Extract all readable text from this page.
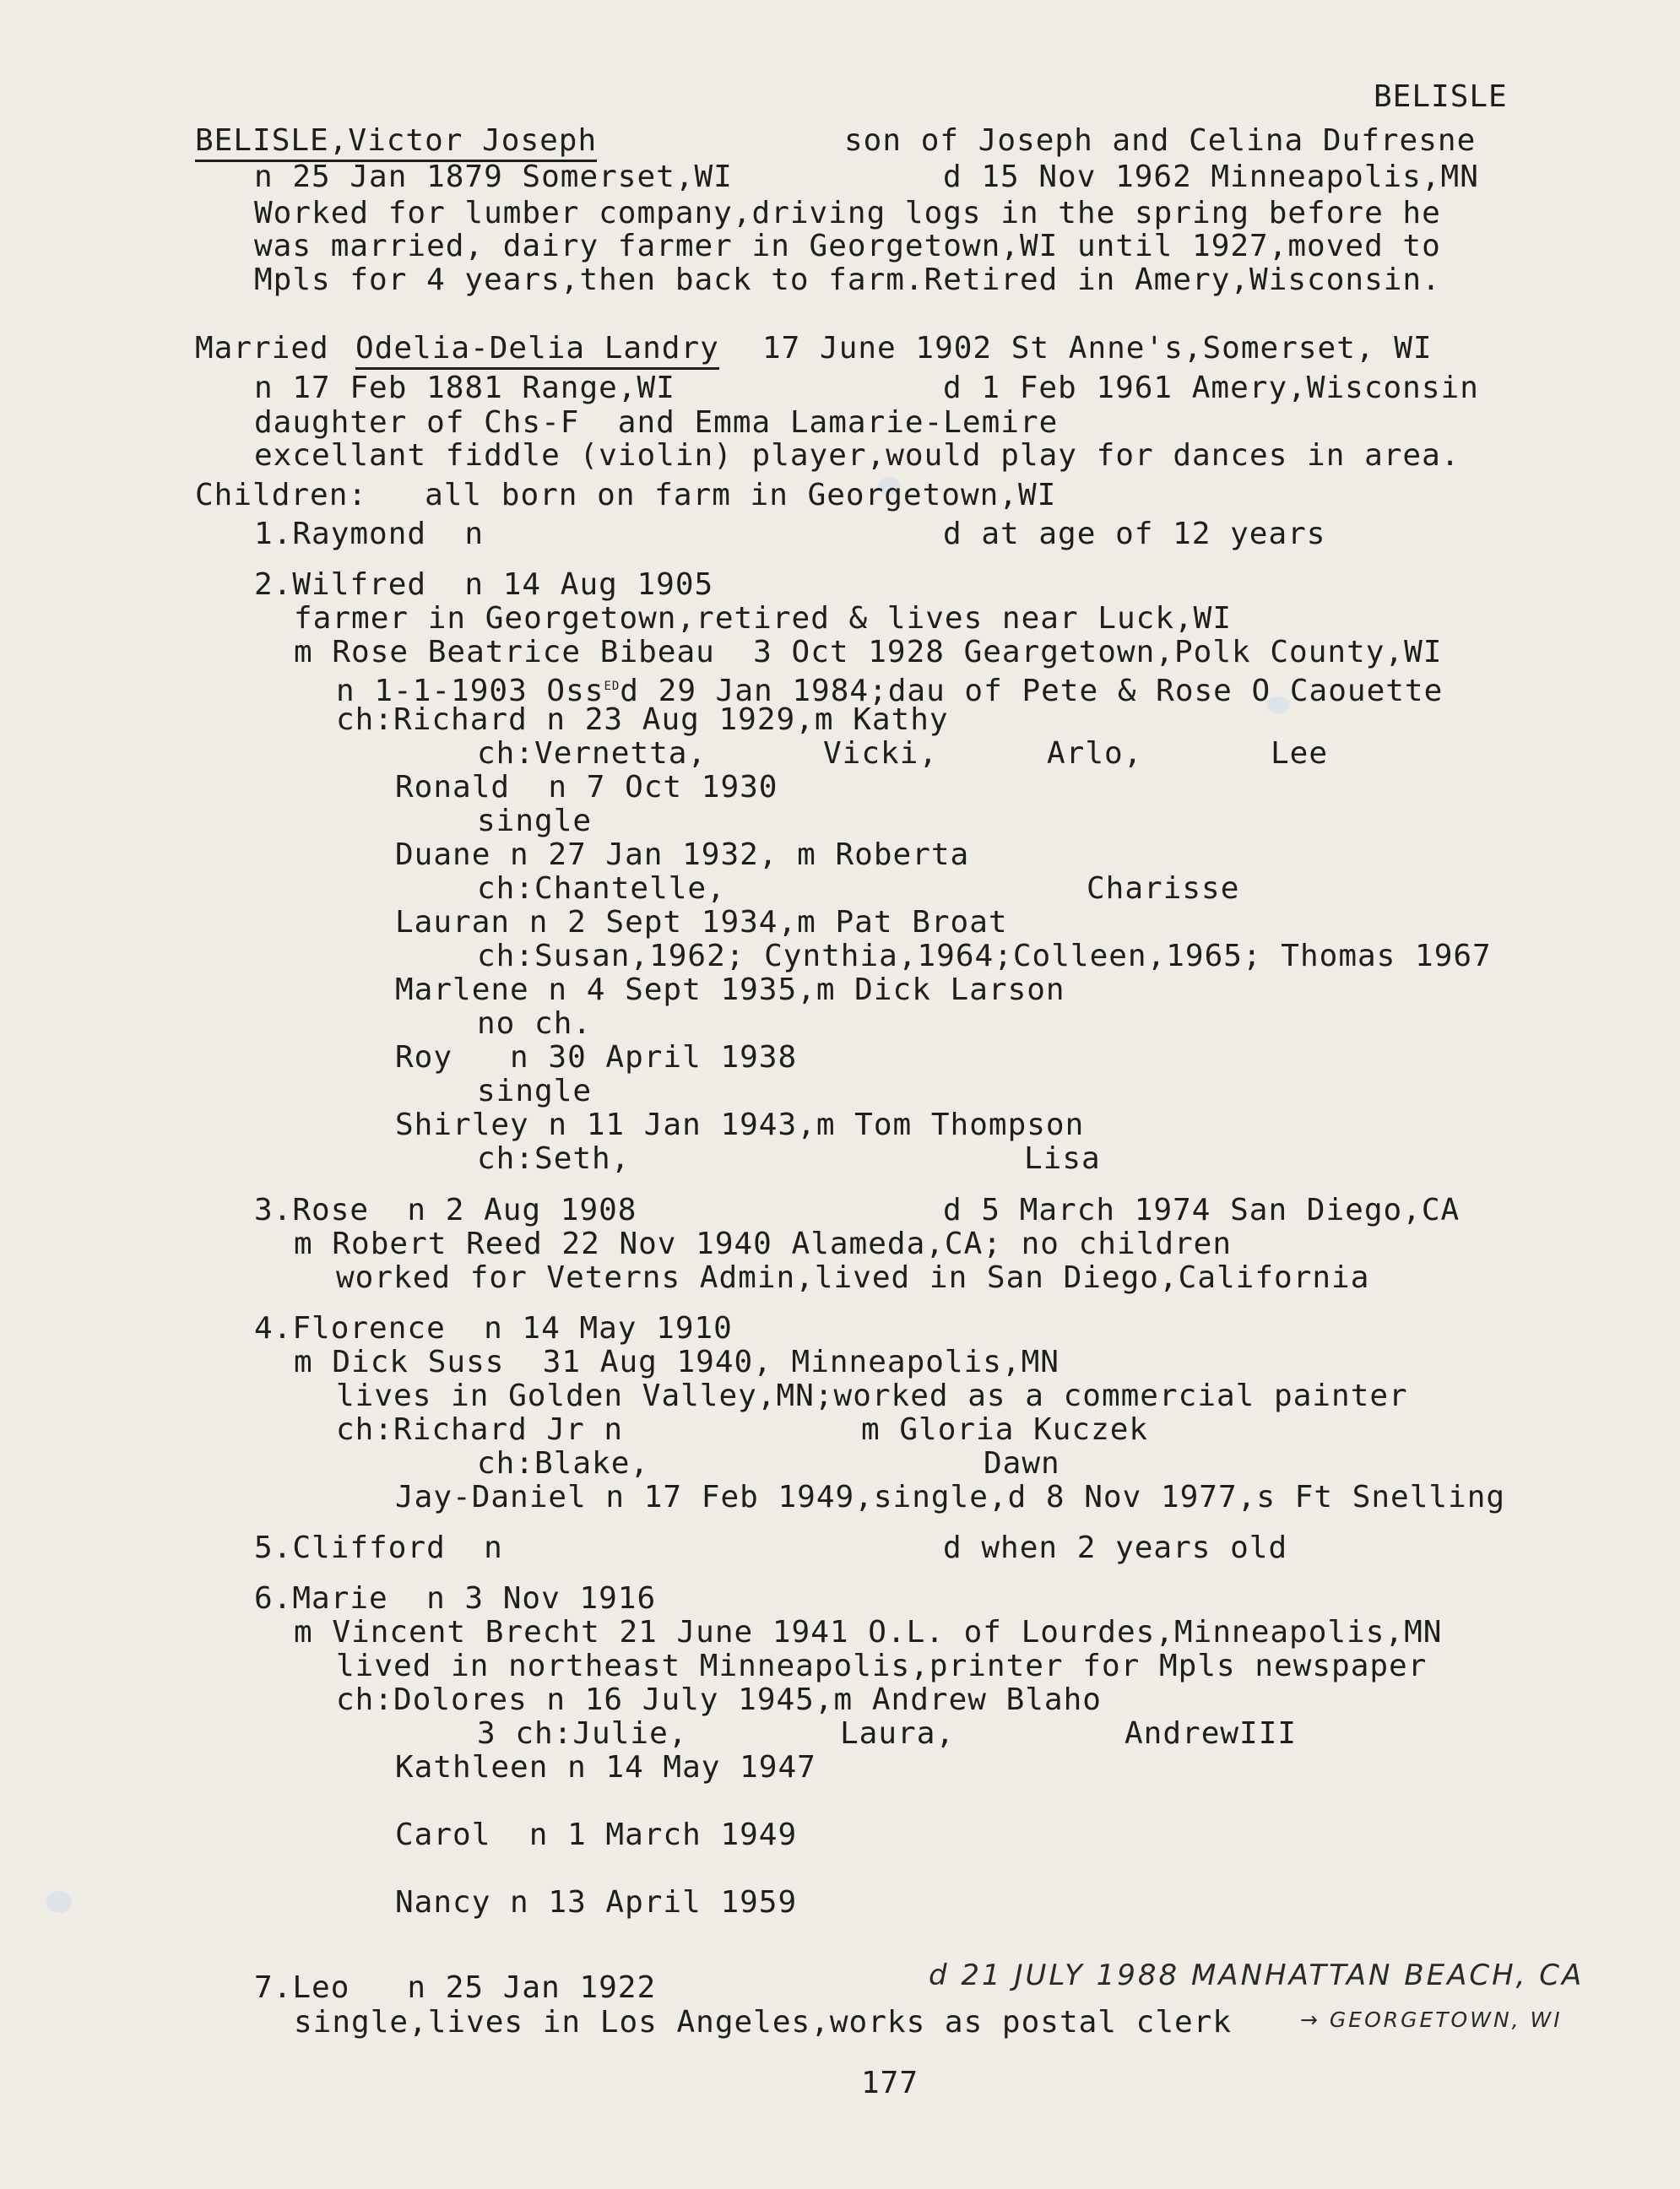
BELISLE
BELISLE,Victor Joseph	son of Joseph and Celina Dufresne
n 25 Jan 1879 Somerset,WI	d 15 Nov 1962 Minneapolis,MN
Worked for lumber company,driving logs in the spring before he
was married, dairy farmer in Georgetown,WI until 1927,moved to
Mpls for 4 years,then back to farm.Retired in Amery,Wisconsin.
Married Odelia-Delia Landry 17 June 1902 St Anne's,Somerset, WI
n 17 Feb 1881 Range,WI	d 1 Feb 1961 Amery,Wisconsin
daughter of Chs-F  and Emma Lamarie-Lemire
excellant fiddle (violin) player,would play for dances in area.
Children:   all born on farm in Georgetown,WI
1.Raymond  n	d at age of 12 years
2.Wilfred  n 14 Aug 1905
farmer in Georgetown,retired & lives near Luck,WI
m Rose Beatrice Bibeau  3 Oct 1928 Geargetown,Polk County,WI
n 1-1-1903 Oss$^{ED}$d 29 Jan 1984;dau of Pete & Rose O Caouette
ch:Richard n 23 Aug 1929,m Kathy
ch:Vernetta,	Vicki,	Arlo,	Lee
Ronald  n 7 Oct 1930
single
Duane n 27 Jan 1932, m Roberta
ch:Chantelle,	Charisse
Lauran n 2 Sept 1934,m Pat Broat
ch:Susan,1962; Cynthia,1964;Colleen,1965; Thomas 1967
Marlene n 4 Sept 1935,m Dick Larson
no ch.
Roy   n 30 April 1938
single
Shirley n 11 Jan 1943,m Tom Thompson
ch:Seth,	Lisa
3.Rose  n 2 Aug 1908	d 5 March 1974 San Diego,CA
m Robert Reed 22 Nov 1940 Alameda,CA; no children
worked for Veterns Admin,lived in San Diego,California
4.Florence  n 14 May 1910
m Dick Suss  31 Aug 1940, Minneapolis,MN
lives in Golden Valley,MN;worked as a commercial painter
ch:Richard Jr n	m Gloria Kuczek
ch:Blake,	Dawn
Jay-Daniel n 17 Feb 1949,single,d 8 Nov 1977,s Ft Snelling
5.Clifford  n	d when 2 years old
6.Marie  n 3 Nov 1916
m Vincent Brecht 21 June 1941 O.L. of Lourdes,Minneapolis,MN
lived in northeast Minneapolis,printer for Mpls newspaper
ch:Dolores n 16 July 1945,m Andrew Blaho
3 ch:Julie,	Laura,	AndrewIII
Kathleen n 14 May 1947
Carol  n 1 March 1949
Nancy n 13 April 1959
7.Leo   n 25 Jan 1922	d 21 JULY 1988 MANHATTAN BEACH, CA
single,lives in Los Angeles,works as postal clerk	→ GEORGETOWN, WI
177
